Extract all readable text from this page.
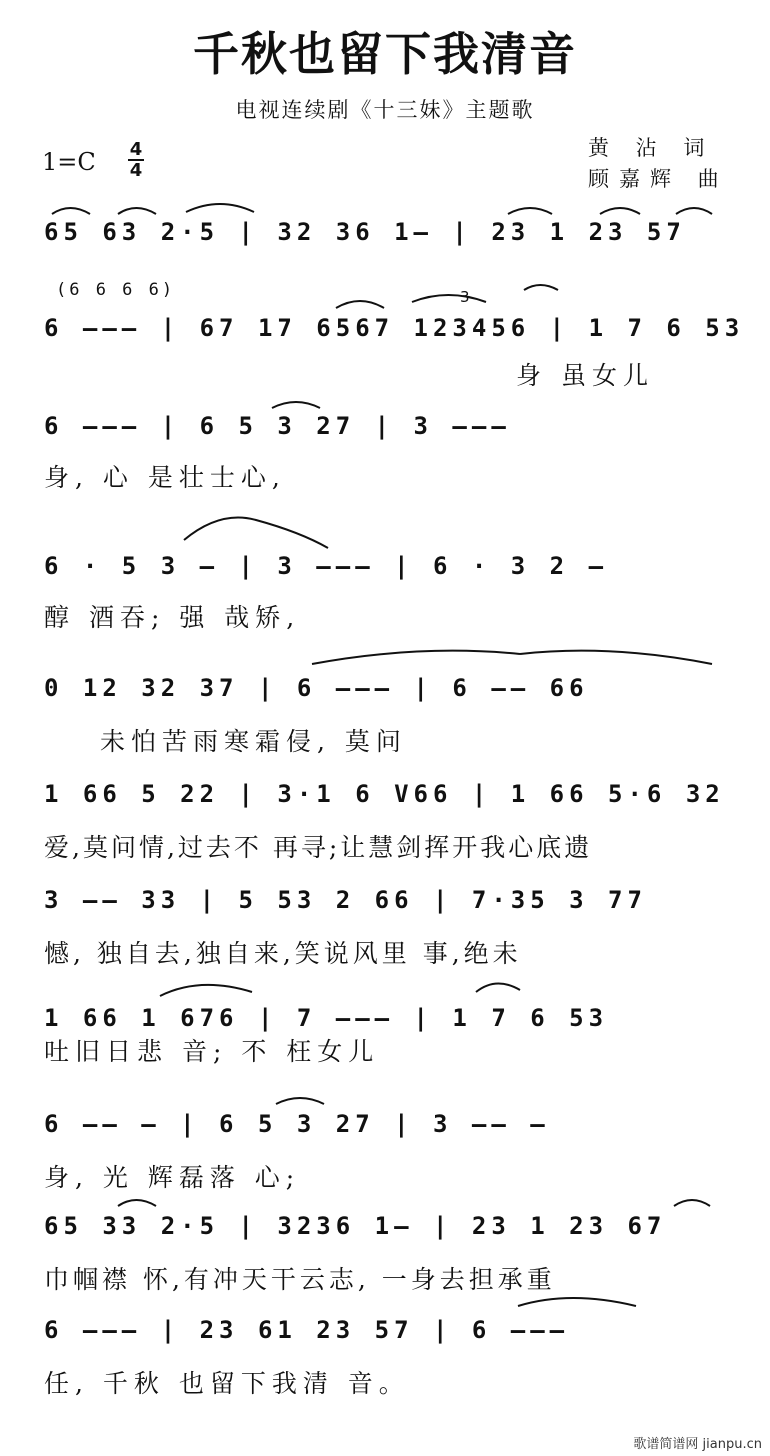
千秋也留下我清音
电视连续剧《十三妹》主题歌
1=C 4
4
黄 沾 词
顾嘉辉 曲
65 63 2·5 | 32 36 1— | 23 1 23 57
(6 6 6 6)	3
6 ——— | 67 17 6567 123456 | 1 7 6 53
身 虽女儿
6 ——— | 6 5 3 27 | 3 ———
身, 心 是壮士心,
6 · 5 3 — | 3 ——— | 6 · 3 2 —
醇 酒吞; 强 哉矫,
0 12 32 37 | 6 ——— | 6 —— 66
未怕苦雨寒霜侵, 莫问
1 66 5 22 | 3·1 6 V66 | 1 66 5·6 32
爱,莫问情,过去不 再寻;让慧剑挥开我心底遗
3 —— 33 | 5 53 2 66 | 7·35 3 77
憾, 独自去,独自来,笑说风里 事,绝未
1 66 1 676 | 7 ——— | 1 7 6 53
吐旧日悲 音; 不 枉女儿
6 —— — | 6 5 3 27 | 3 —— —
身, 光 辉磊落 心;
65 33 2·5 | 3236 1— | 23 1 23 67
巾帼襟 怀,有冲天干云志, 一身去担承重
6 ——— | 23 61 23 57 | 6 ———
任, 千秋 也留下我清 音。
歌谱简谱网 jianpu.cn
